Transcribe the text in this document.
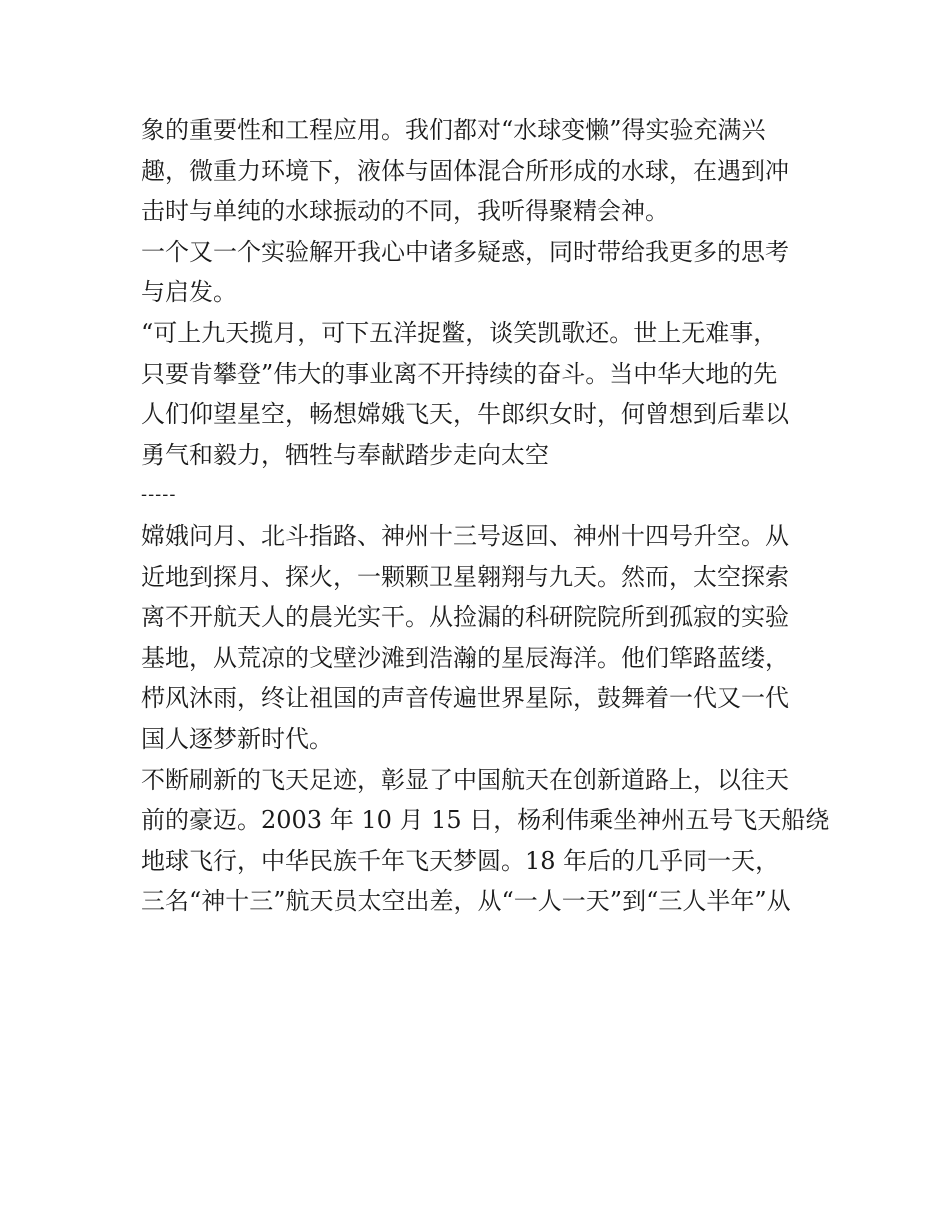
象的重要性和工程应用。我们都对“水球变懒”得实验充满兴
趣，微重力环境下，液体与固体混合所形成的水球，在遇到冲
击时与单纯的水球振动的不同，我听得聚精会神。
一个又一个实验解开我心中诸多疑惑，同时带给我更多的思考
与启发。
“可上九天揽月，可下五洋捉鳖，谈笑凯歌还。世上无难事，
只要肯攀登”伟大的事业离不开持续的奋斗。当中华大地的先
人们仰望星空，畅想嫦娥飞天，牛郎织女时，何曾想到后辈以
勇气和毅力，牺牲与奉献踏步走向太空
-----
嫦娥问月、北斗指路、神州十三号返回、神州十四号升空。从
近地到探月、探火，一颗颗卫星翱翔与九天。然而，太空探索
离不开航天人的晨光实干。从捡漏的科研院院所到孤寂的实验
基地，从荒凉的戈壁沙滩到浩瀚的星辰海洋。他们筚路蓝缕，
栉风沐雨，终让祖国的声音传遍世界星际，鼓舞着一代又一代
国人逐梦新时代。
不断刷新的飞天足迹，彰显了中国航天在创新道路上，以往天
前的豪迈。2003 年 10 月 15 日，杨利伟乘坐神州五号飞天船绕
地球飞行，中华民族千年飞天梦圆。18 年后的几乎同一天，
三名“神十三”航天员太空出差，从“一人一天”到“三人半年”从
